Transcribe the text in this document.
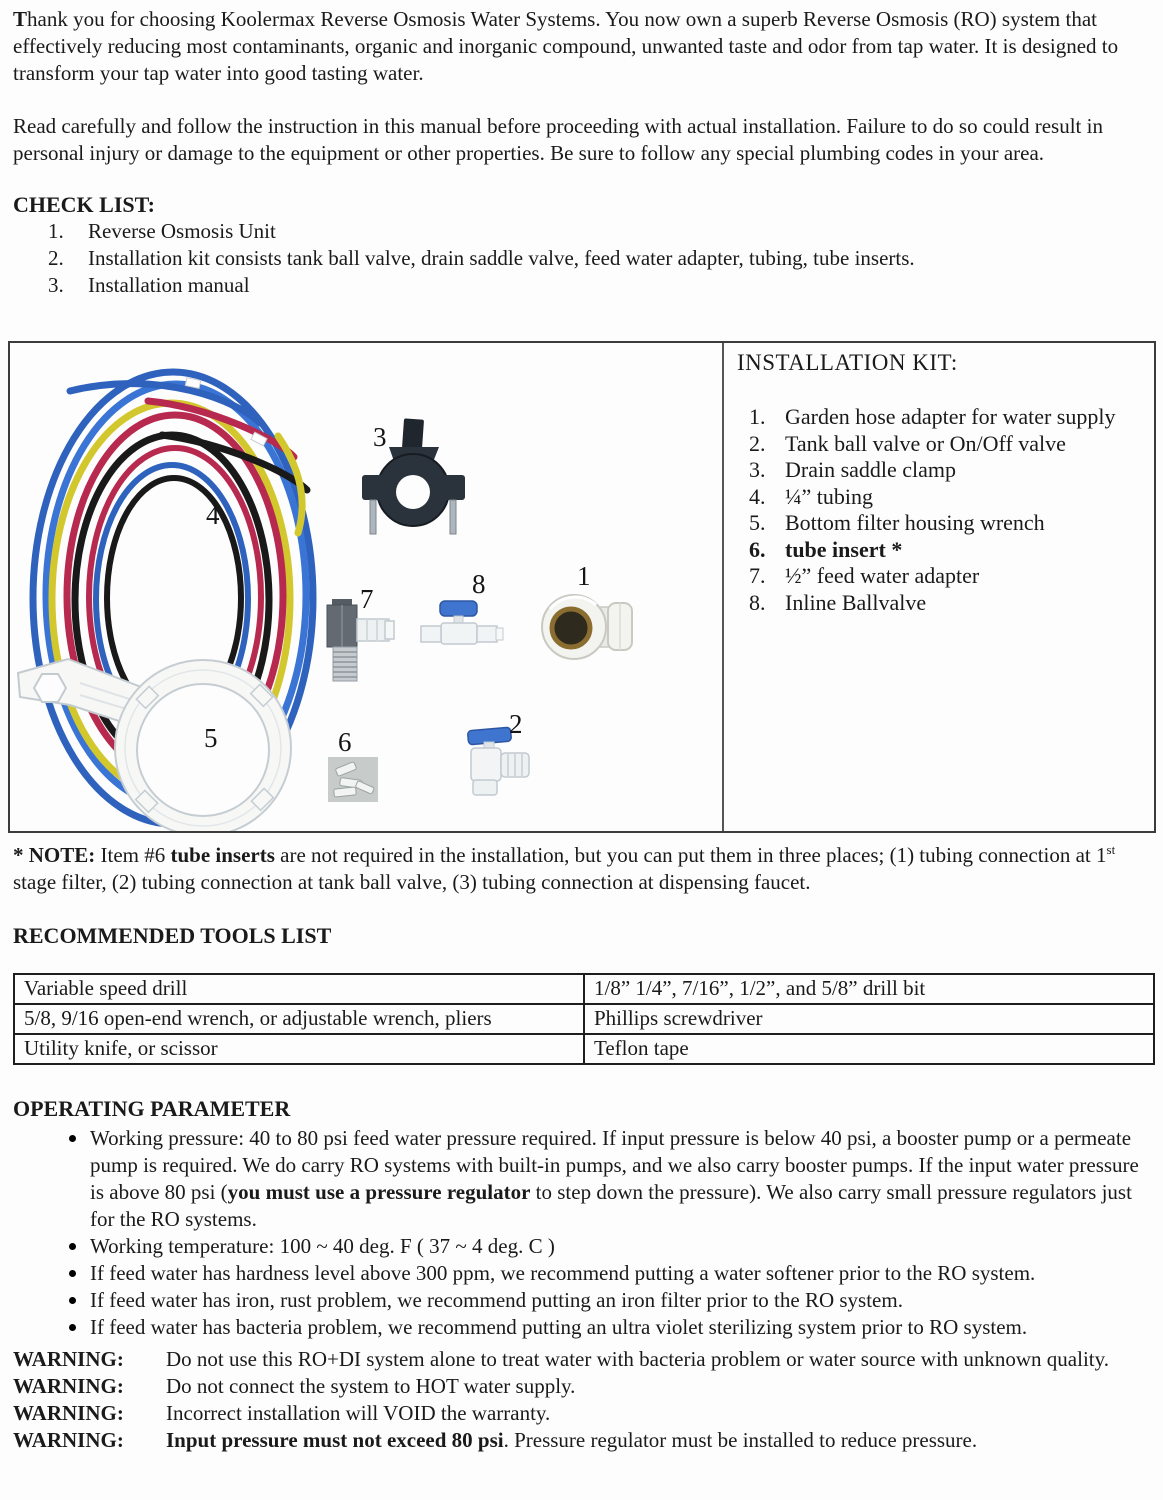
Thank you for choosing Koolermax Reverse Osmosis Water Systems. You now own a superb Reverse Osmosis (RO) system that effectively reducing most contaminants, organic and inorganic compound, unwanted taste and odor from tap water. It is designed to transform your tap water into good tasting water.

Read carefully and follow the instruction in this manual before proceeding with actual installation. Failure to do so could result in personal injury or damage to the equipment or other properties. Be sure to follow any special plumbing codes in your area.

CHECK LIST:

1. Reverse Osmosis Unit
2. Installation kit consists tank ball valve, drain saddle valve, feed water adapter, tubing, tube inserts.
3. Installation manual
3
4
7	8	1
5	6
2

INSTALLATION KIT:

1. Garden hose adapter for water supply
2. Tank ball valve or On/Off valve
3. Drain saddle clamp
4. ¼” tubing
5. Bottom filter housing wrench
6. tube insert *
7. ½” feed water adapter
8. Inline Ballvalve

* NOTE: Item #6 tube inserts are not required in the installation, but you can put them in three places; (1) tubing connection at 1st stage filter, (2) tubing connection at tank ball valve, (3) tubing connection at dispensing faucet.

RECOMMENDED TOOLS LIST

Variable speed drill	1/8” 1/4”, 7/16”, 1/2”, and 5/8” drill bit
5/8, 9/16 open-end wrench, or adjustable wrench, pliers	Phillips screwdriver
Utility knife, or scissor	Teflon tape

OPERATING PARAMETER

Working pressure: 40 to 80 psi feed water pressure required. If input pressure is below 40 psi, a booster pump or a permeate pump is required. We do carry RO systems with built-in pumps, and we also carry booster pumps. If the input water pressure is above 80 psi (you must use a pressure regulator to step down the pressure). We also carry small pressure regulators just for the RO systems.
Working temperature: 100 ~ 40 deg. F ( 37 ~ 4 deg. C )
If feed water has hardness level above 300 ppm, we recommend putting a water softener prior to the RO system.
If feed water has iron, rust problem, we recommend putting an iron filter prior to the RO system.
If feed water has bacteria problem, we recommend putting an ultra violet sterilizing system prior to RO system.
WARNING:	Do not use this RO+DI system alone to treat water with bacteria problem or water source with unknown quality.
WARNING:	Do not connect the system to HOT water supply.
WARNING:	Incorrect installation will VOID the warranty.
WARNING:	Input pressure must not exceed 80 psi. Pressure regulator must be installed to reduce pressure.
